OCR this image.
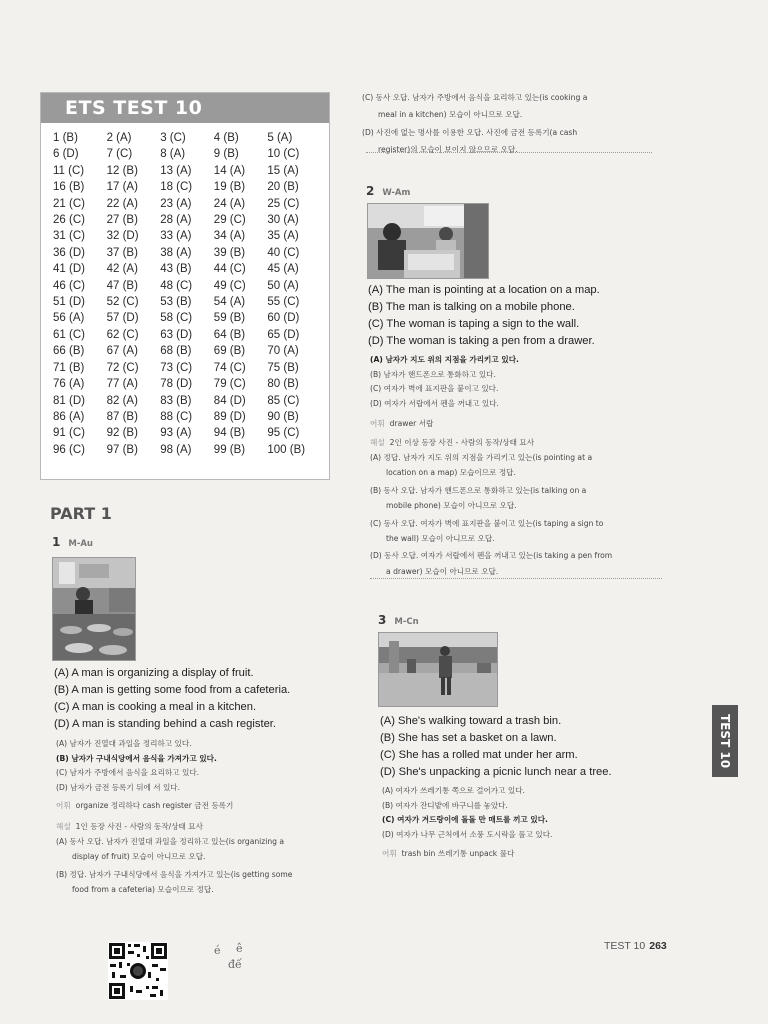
ETS TEST 10
1 (B)	2 (A)	3 (C)	4 (B)	5 (A)
6 (D)	7 (C)	8 (A)	9 (B)	10 (C)
11 (C)	12 (B)	13 (A)	14 (A)	15 (A)
16 (B)	17 (A)	18 (C)	19 (B)	20 (B)
21 (C)	22 (A)	23 (A)	24 (A)	25 (C)
26 (C)	27 (B)	28 (A)	29 (C)	30 (A)
31 (C)	32 (D)	33 (A)	34 (A)	35 (A)
36 (D)	37 (B)	38 (A)	39 (B)	40 (C)
41 (D)	42 (A)	43 (B)	44 (C)	45 (A)
46 (C)	47 (B)	48 (C)	49 (C)	50 (A)
51 (D)	52 (C)	53 (B)	54 (A)	55 (C)
56 (A)	57 (D)	58 (C)	59 (B)	60 (D)
61 (C)	62 (C)	63 (D)	64 (B)	65 (D)
66 (B)	67 (A)	68 (B)	69 (B)	70 (A)
71 (B)	72 (C)	73 (C)	74 (C)	75 (B)
76 (A)	77 (A)	78 (D)	79 (C)	80 (B)
81 (D)	82 (A)	83 (B)	84 (D)	85 (C)
86 (A)	87 (B)	88 (C)	89 (D)	90 (B)
91 (C)	92 (B)	93 (A)	94 (B)	95 (C)
96 (C)	97 (B)	98 (A)	99 (B)	100 (B)
(C) 동사 오답. 남자가 주방에서 음식을 요리하고 있는(is cooking a
meal in a kitchen) 모습이 아니므로 오답.
(D) 사진에 없는 명사를 이용한 오답. 사진에 금전 등록기(a cash
register)의 모습이 보이지 않으므로 오답.
PART 1
1 M-Au
(A) A man is organizing a display of fruit.
(B) A man is getting some food from a cafeteria.
(C) A man is cooking a meal in a kitchen.
(D) A man is standing behind a cash register.
(A) 남자가 진열대 과일을 정리하고 있다.
(B) 남자가 구내식당에서 음식을 가져가고 있다.
(C) 남자가 주방에서 음식을 요리하고 있다.
(D) 남자가 금전 등록기 뒤에 서 있다.
어휘 organize 정리하다 cash register 금전 등록기
해설 1인 등장 사진 - 사람의 동작/상태 묘사
(A) 동사 오답. 남자가 진열대 과일을 정리하고 있는(is organizing a
display of fruit) 모습이 아니므로 오답.
(B) 정답. 남자가 구내식당에서 음식을 가져가고 있는(is getting some
food from a cafeteria) 모습이므로 정답.
2 W-Am
(A) The man is pointing at a location on a map.
(B) The man is talking on a mobile phone.
(C) The woman is taping a sign to the wall.
(D) The woman is taking a pen from a drawer.
(A) 남자가 지도 위의 지점을 가리키고 있다.
(B) 남자가 핸드폰으로 통화하고 있다.
(C) 여자가 벽에 표지판을 붙이고 있다.
(D) 여자가 서랍에서 펜을 꺼내고 있다.
어휘 drawer 서랍
해설 2인 이상 등장 사진 - 사람의 동작/상태 묘사
(A) 정답. 남자가 지도 위의 지점을 가리키고 있는(is pointing at a
location on a map) 모습이므로 정답.
(B) 동사 오답. 남자가 핸드폰으로 통화하고 있는(is talking on a
mobile phone) 모습이 아니므로 오답.
(C) 동사 오답. 여자가 벽에 표지판을 붙이고 있는(is taping a sign to
the wall) 모습이 아니므로 오답.
(D) 동사 오답. 여자가 서랍에서 펜을 꺼내고 있는(is taking a pen from
a drawer) 모습이 아니므로 오답.
3 M-Cn
(A) She's walking toward a trash bin.
(B) She has set a basket on a lawn.
(C) She has a rolled mat under her arm.
(D) She's unpacking a picnic lunch near a tree.
(A) 여자가 쓰레기통 쪽으로 걸어가고 있다.
(B) 여자가 잔디밭에 바구니를 놓았다.
(C) 여자가 겨드랑이에 돌돌 만 매트를 끼고 있다.
(D) 여자가 나무 근처에서 소풍 도시락을 풀고 있다.
어휘 trash bin 쓰레기통 unpack 풀다
TEST 10
é ê
đế
TEST 10 263
